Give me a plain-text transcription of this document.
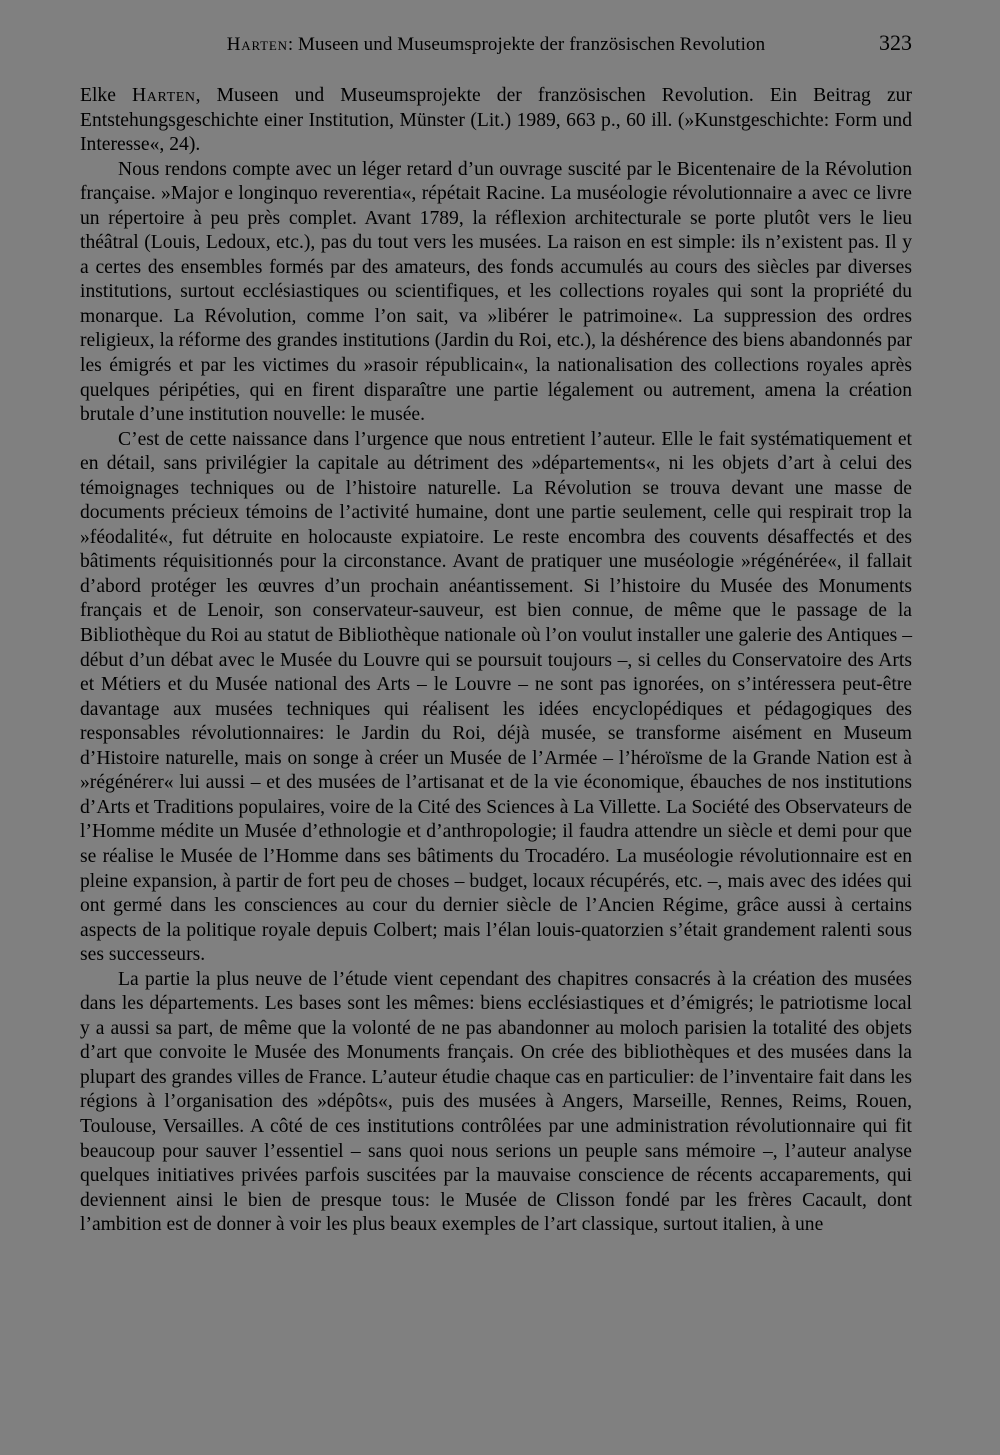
Harten: Museen und Museumsprojekte der französischen Revolution	323

Elke Harten, Museen und Museumsprojekte der französischen Revolution. Ein Beitrag zur Entstehungsgeschichte einer Institution, Münster (Lit.) 1989, 663 p., 60 ill. (»Kunstgeschichte: Form und Interesse«, 24).

Nous rendons compte avec un léger retard d’un ouvrage suscité par le Bicentenaire de la Révolution française. »Major e longinquo reverentia«, répétait Racine. La muséologie révolutionnaire a avec ce livre un répertoire à peu près complet. Avant 1789, la réflexion architecturale se porte plutôt vers le lieu théâtral (Louis, Ledoux, etc.), pas du tout vers les musées. La raison en est simple: ils n’existent pas. Il y a certes des ensembles formés par des amateurs, des fonds accumulés au cours des siècles par diverses institutions, surtout ecclésiastiques ou scientifiques, et les collections royales qui sont la propriété du monarque. La Révolution, comme l’on sait, va »libérer le patrimoine«. La suppression des ordres religieux, la réforme des grandes institutions (Jardin du Roi, etc.), la déshérence des biens abandonnés par les émigrés et par les victimes du »rasoir républicain«, la nationalisation des collections royales après quelques péripéties, qui en firent disparaître une partie légalement ou autrement, amena la création brutale d’une institution nouvelle: le musée.

C’est de cette naissance dans l’urgence que nous entretient l’auteur. Elle le fait systématiquement et en détail, sans privilégier la capitale au détriment des »départements«, ni les objets d’art à celui des témoignages techniques ou de l’histoire naturelle. La Révolution se trouva devant une masse de documents précieux témoins de l’activité humaine, dont une partie seulement, celle qui respirait trop la »féodalité«, fut détruite en holocauste expiatoire. Le reste encombra des couvents désaffectés et des bâtiments réquisitionnés pour la circonstance. Avant de pratiquer une muséologie »régénérée«, il fallait d’abord protéger les œuvres d’un prochain anéantissement. Si l’histoire du Musée des Monuments français et de Lenoir, son conservateur-sauveur, est bien connue, de même que le passage de la Bibliothèque du Roi au statut de Bibliothèque nationale où l’on voulut installer une galerie des Antiques – début d’un débat avec le Musée du Louvre qui se poursuit toujours –, si celles du Conservatoire des Arts et Métiers et du Musée national des Arts – le Louvre – ne sont pas ignorées, on s’intéressera peut-être davantage aux musées techniques qui réalisent les idées encyclopédiques et pédagogiques des responsables révolutionnaires: le Jardin du Roi, déjà musée, se transforme aisément en Museum d’Histoire naturelle, mais on songe à créer un Musée de l’Armée – l’héroïsme de la Grande Nation est à »régénérer« lui aussi – et des musées de l’artisanat et de la vie économique, ébauches de nos institutions d’Arts et Traditions populaires, voire de la Cité des Sciences à La Villette. La Société des Observateurs de l’Homme médite un Musée d’ethnologie et d’anthropologie; il faudra attendre un siècle et demi pour que se réalise le Musée de l’Homme dans ses bâtiments du Trocadéro. La muséologie révolutionnaire est en pleine expansion, à partir de fort peu de choses – budget, locaux récupérés, etc. –, mais avec des idées qui ont germé dans les consciences au cour du dernier siècle de l’Ancien Régime, grâce aussi à certains aspects de la politique royale depuis Colbert; mais l’élan louis-quatorzien s’était grandement ralenti sous ses successeurs.

La partie la plus neuve de l’étude vient cependant des chapitres consacrés à la création des musées dans les départements. Les bases sont les mêmes: biens ecclésiastiques et d’émigrés; le patriotisme local y a aussi sa part, de même que la volonté de ne pas abandonner au moloch parisien la totalité des objets d’art que convoite le Musée des Monuments français. On crée des bibliothèques et des musées dans la plupart des grandes villes de France. L’auteur étudie chaque cas en particulier: de l’inventaire fait dans les régions à l’organisation des »dépôts«, puis des musées à Angers, Marseille, Rennes, Reims, Rouen, Toulouse, Versailles. A côté de ces institutions contrôlées par une administration révolutionnaire qui fit beaucoup pour sauver l’essentiel – sans quoi nous serions un peuple sans mémoire –, l’auteur analyse quelques initiatives privées parfois suscitées par la mauvaise conscience de récents accaparements, qui deviennent ainsi le bien de presque tous: le Musée de Clisson fondé par les frères Cacault, dont l’ambition est de donner à voir les plus beaux exemples de l’art classique, surtout italien, à une
